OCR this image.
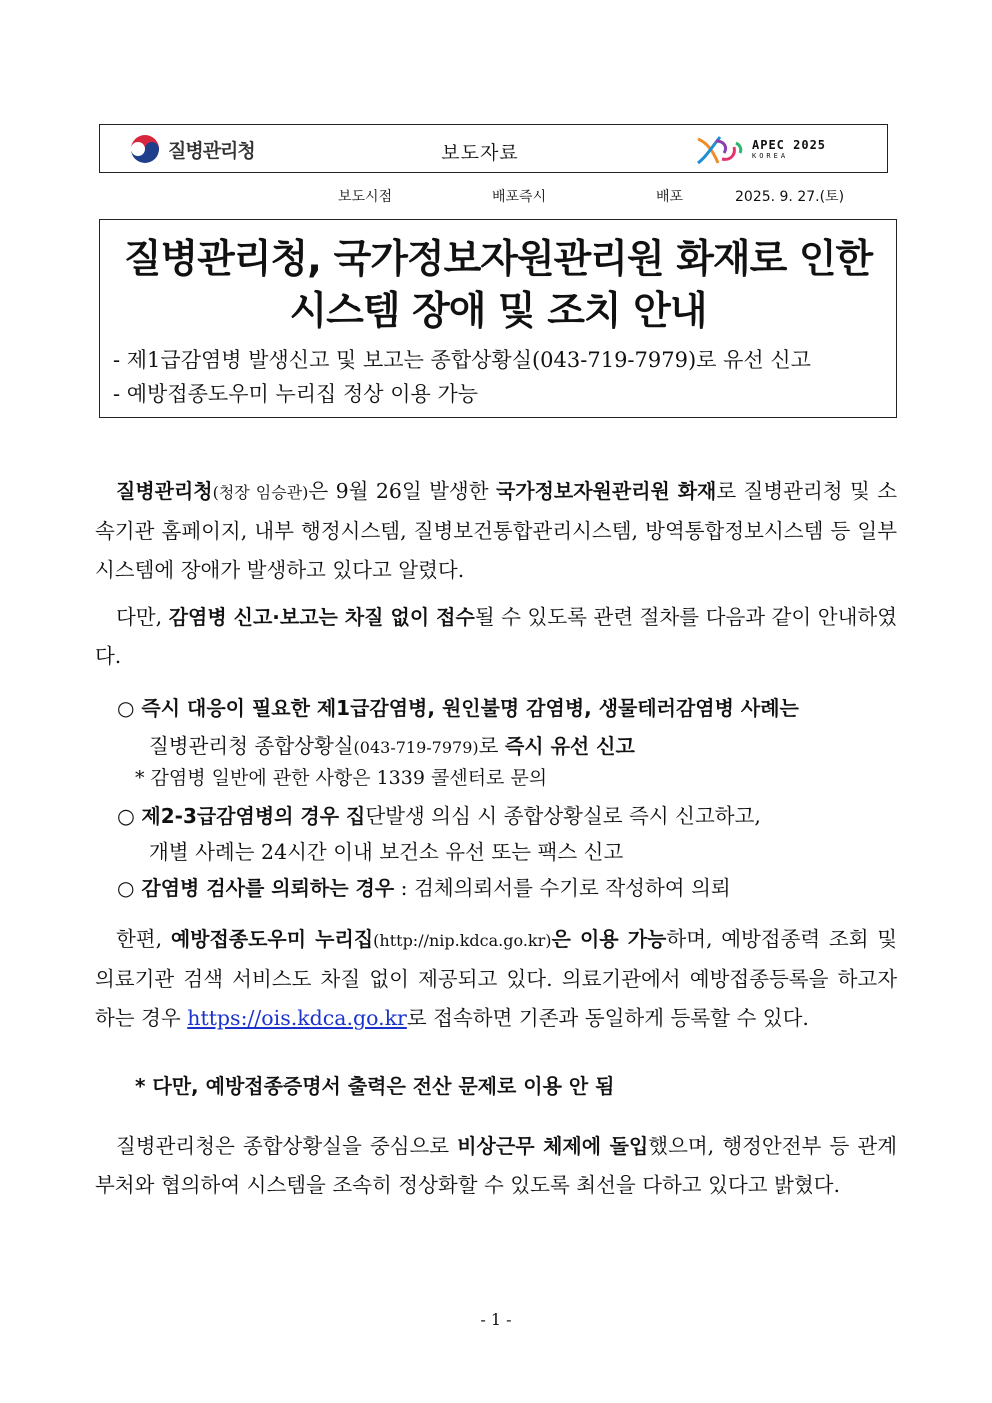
질병관리청	보도자료	APEC 2025
KOREA
보도시점	배포즉시	배포	2025. 9. 27.(토)
질병관리청, 국가정보자원관리원 화재로 인한
시스템 장애 및 조치 안내
- 제1급감염병 발생신고 및 보고는 종합상황실(043-719-7979)로 유선 신고
- 예방접종도우미 누리집 정상 이용 가능
질병관리청(청장 임승관)은 9월 26일 발생한 국가정보자원관리원 화재로 질병관리청 및 소속기관 홈페이지, 내부 행정시스템, 질병보건통합관리시스템, 방역통합정보시스템 등 일부 시스템에 장애가 발생하고 있다고 알렸다.
다만, 감염병 신고·보고는 차질 없이 접수될 수 있도록 관련 절차를 다음과 같이 안내하였다.
○ 즉시 대응이 필요한 제1급감염병, 원인불명 감염병, 생물테러감염병 사례는
질병관리청 종합상황실(043-719-7979)로 즉시 유선 신고
* 감염병 일반에 관한 사항은 1339 콜센터로 문의
○ 제2-3급감염병의 경우 집단발생 의심 시 종합상황실로 즉시 신고하고,
개별 사례는 24시간 이내 보건소 유선 또는 팩스 신고
○ 감염병 검사를 의뢰하는 경우 : 검체의뢰서를 수기로 작성하여 의뢰
한편, 예방접종도우미 누리집(http://nip.kdca.go.kr)은 이용 가능하며, 예방접종력 조회 및 의료기관 검색 서비스도 차질 없이 제공되고 있다. 의료기관에서 예방접종등록을 하고자 하는 경우 https://ois.kdca.go.kr로 접속하면 기존과 동일하게 등록할 수 있다.
* 다만, 예방접종증명서 출력은 전산 문제로 이용 안 됨
질병관리청은 종합상황실을 중심으로 비상근무 체제에 돌입했으며, 행정안전부 등 관계부처와 협의하여 시스템을 조속히 정상화할 수 있도록 최선을 다하고 있다고 밝혔다.
- 1 -
